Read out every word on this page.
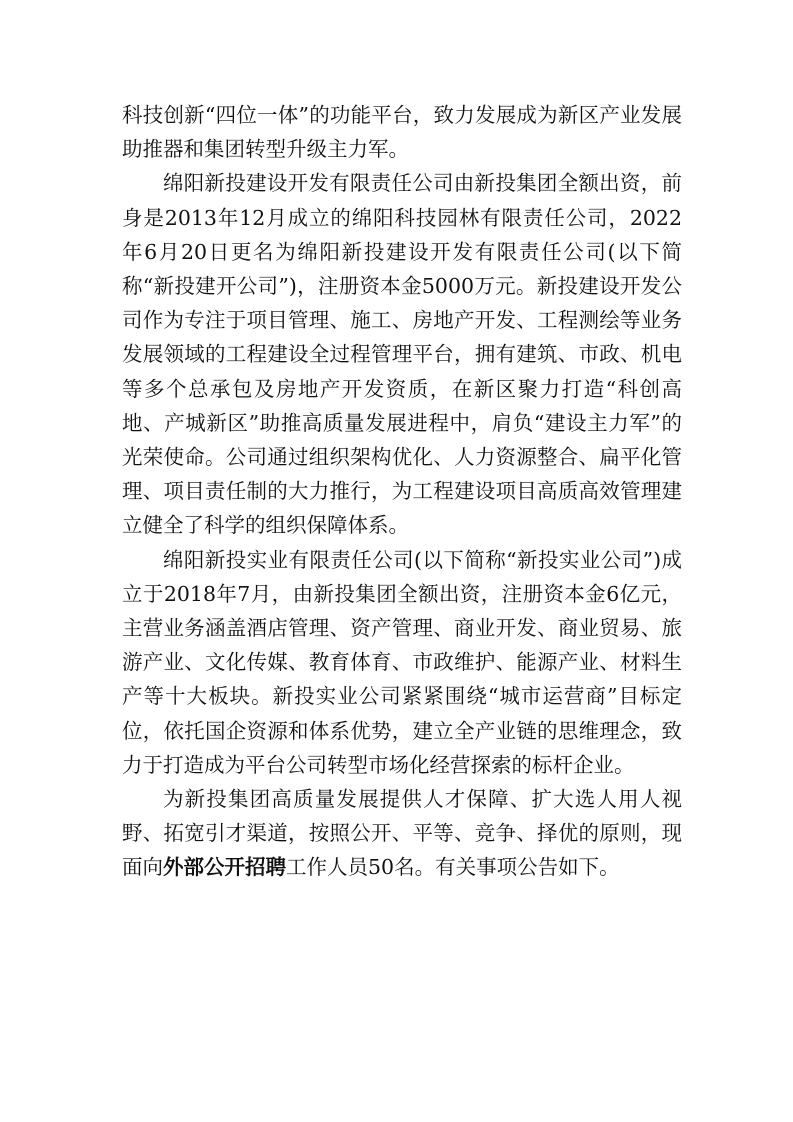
科技创新“四位一体”的功能平台，致力发展成为新区产业发展助推器和集团转型升级主力军。

绵阳新投建设开发有限责任公司由新投集团全额出资，前身是2013年12月成立的绵阳科技园林有限责任公司，2022年6月20日更名为绵阳新投建设开发有限责任公司(以下简称“新投建开公司”)，注册资本金5000万元。新投建设开发公司作为专注于项目管理、施工、房地产开发、工程测绘等业务发展领域的工程建设全过程管理平台，拥有建筑、市政、机电等多个总承包及房地产开发资质，在新区聚力打造“科创高地、产城新区”助推高质量发展进程中，肩负“建设主力军”的光荣使命。公司通过组织架构优化、人力资源整合、扁平化管理、项目责任制的大力推行，为工程建设项目高质高效管理建立健全了科学的组织保障体系。

绵阳新投实业有限责任公司(以下简称“新投实业公司”)成立于2018年7月，由新投集团全额出资，注册资本金6亿元，主营业务涵盖酒店管理、资产管理、商业开发、商业贸易、旅游产业、文化传媒、教育体育、市政维护、能源产业、材料生产等十大板块。新投实业公司紧紧围绕“城市运营商”目标定位，依托国企资源和体系优势，建立全产业链的思维理念，致力于打造成为平台公司转型市场化经营探索的标杆企业。

为新投集团高质量发展提供人才保障、扩大选人用人视野、拓宽引才渠道，按照公开、平等、竞争、择优的原则，现面向外部公开招聘工作人员50名。有关事项公告如下。
